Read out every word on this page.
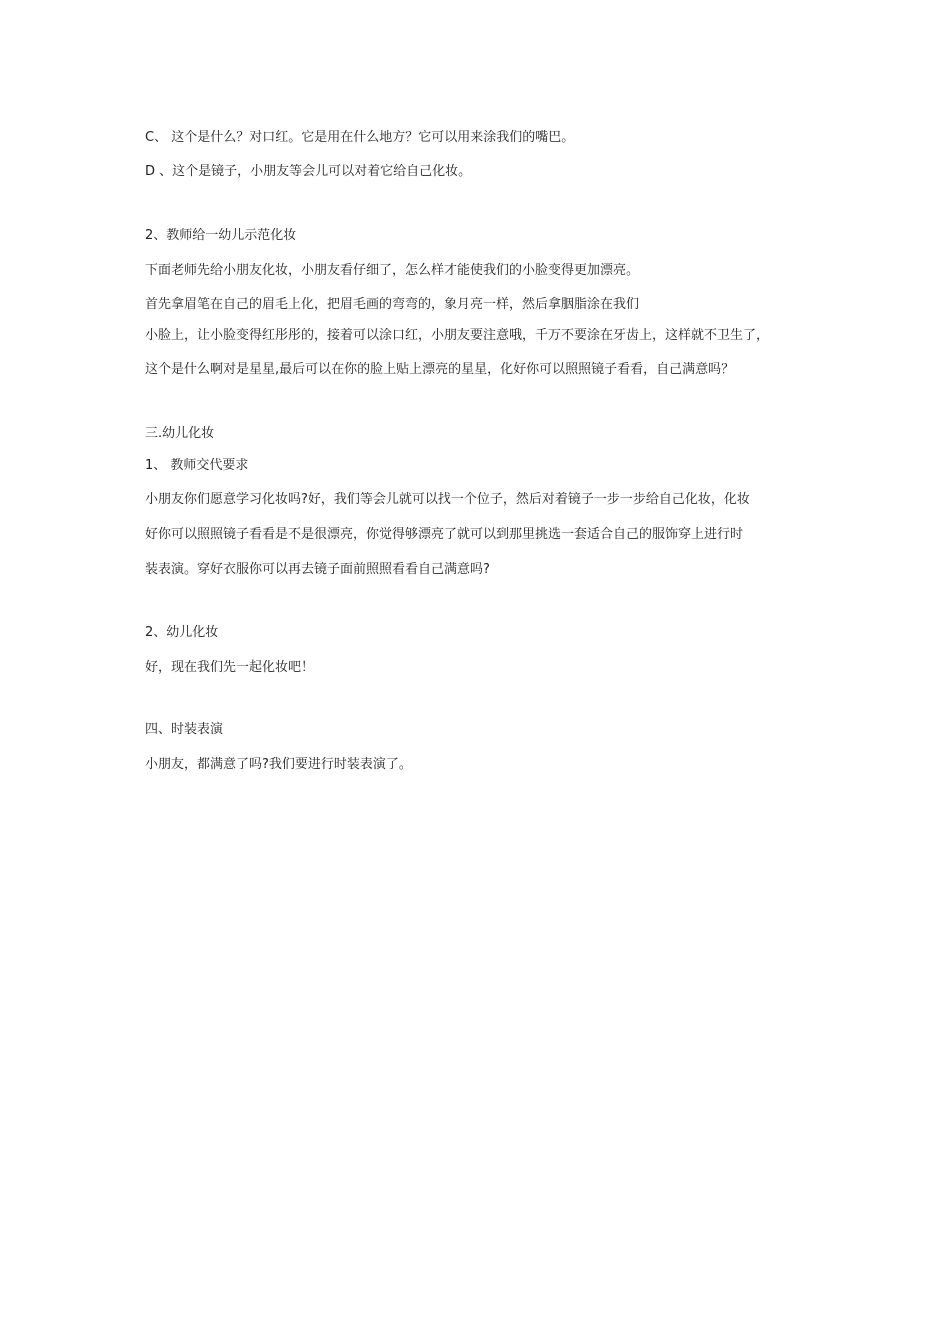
C、 这个是什么？对口红。它是用在什么地方？它可以用来涂我们的嘴巴。
D 、这个是镜子，小朋友等会儿可以对着它给自己化妆。
2、教师给一幼儿示范化妆
下面老师先给小朋友化妆，小朋友看仔细了，怎么样才能使我们的小脸变得更加漂亮。
首先拿眉笔在自己的眉毛上化，把眉毛画的弯弯的，象月亮一样，然后拿胭脂涂在我们
小脸上，让小脸变得红彤彤的，接着可以涂口红，小朋友要注意哦，千万不要涂在牙齿上，这样就不卫生了，
这个是什么啊对是星星,最后可以在你的脸上贴上漂亮的星星，化好你可以照照镜子看看，自己满意吗？
三.幼儿化妆
1、 教师交代要求
小朋友你们愿意学习化妆吗?好，我们等会儿就可以找一个位子，然后对着镜子一步一步给自己化妆，化妆
好你可以照照镜子看看是不是很漂亮，你觉得够漂亮了就可以到那里挑选一套适合自己的服饰穿上进行时
装表演。穿好衣服你可以再去镜子面前照照看看自己满意吗?
2、幼儿化妆
好，现在我们先一起化妆吧！
四、时装表演
小朋友，都满意了吗?我们要进行时装表演了。
